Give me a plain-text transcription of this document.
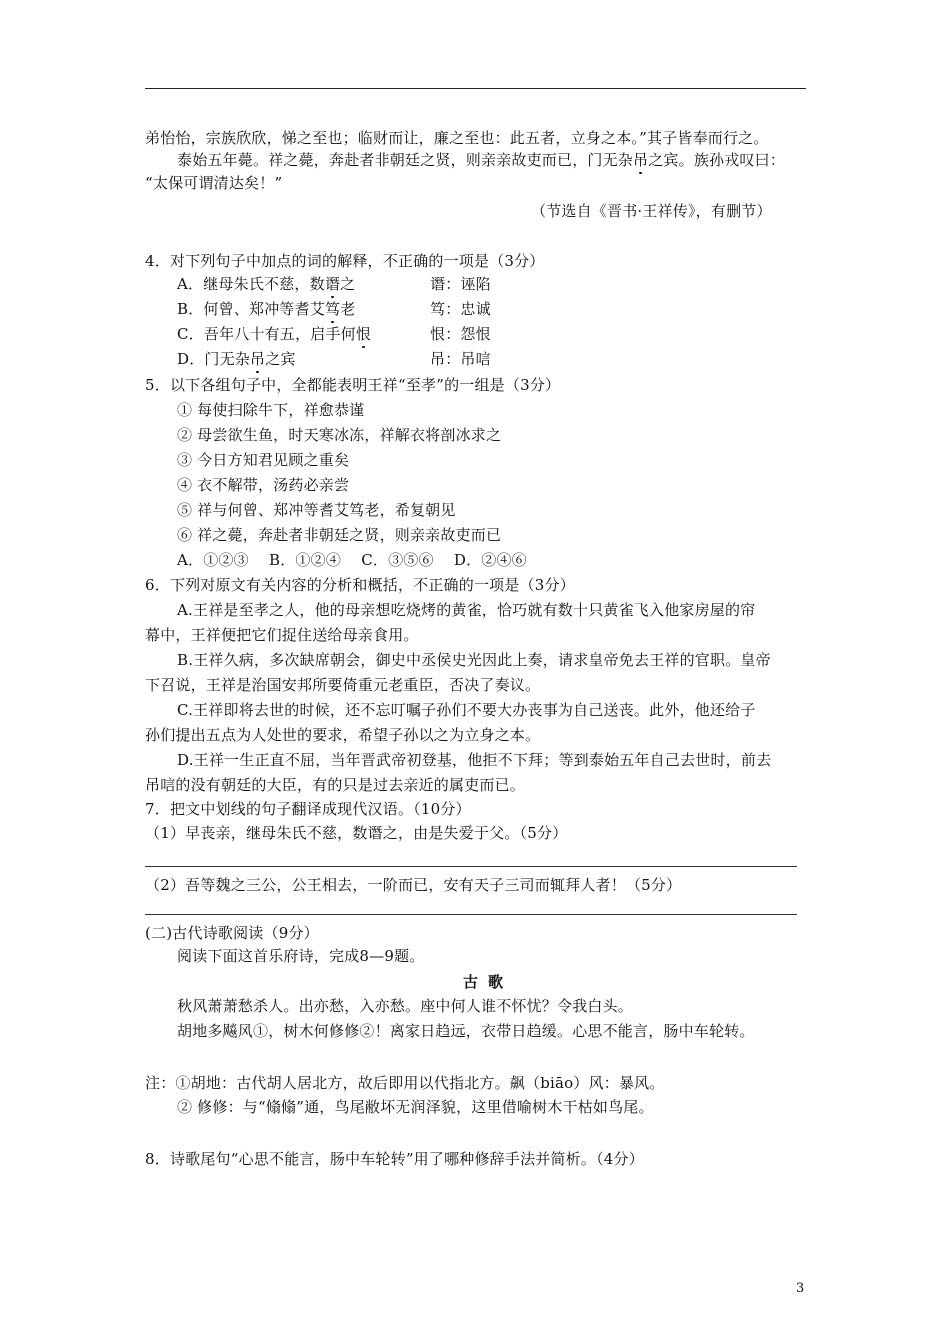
弟怡怡，宗族欣欣，悌之至也；临财而让，廉之至也：此五者，立身之本。”其子皆奉而行之。
泰始五年薨。祥之薨，奔赴者非朝廷之贤，则亲亲故吏而已，门无杂吊之宾。族孙戎叹曰：
“太保可谓清达矣！”
（节选自《晋书·王祥传》，有删节）
4．对下列句子中加点的词的解释，不正确的一项是（3分）
A．继母朱氏不慈，数谮之	谮：诬陷
B．何曾、郑冲等耆艾笃老	笃：忠诚
C．吾年八十有五，启手何恨	恨：怨恨
D．门无杂吊之宾	吊：吊唁
5．以下各组句子中，全都能表明王祥“至孝”的一组是（3分）
① 每使扫除牛下，祥愈恭谨
② 母尝欲生鱼，时天寒冰冻，祥解衣将剖冰求之
③ 今日方知君见顾之重矣
④ 衣不解带，汤药必亲尝
⑤ 祥与何曾、郑冲等耆艾笃老，希复朝见
⑥ 祥之薨，奔赴者非朝廷之贤，则亲亲故吏而已
A．①②③　 B．①②④　 C．③⑤⑥　 D．②④⑥
6．下列对原文有关内容的分析和概括，不正确的一项是（3分）
A.王祥是至孝之人，他的母亲想吃烧烤的黄雀，恰巧就有数十只黄雀飞入他家房屋的帘
幕中，王祥便把它们捉住送给母亲食用。
B.王祥久病，多次缺席朝会，御史中丞侯史光因此上奏，请求皇帝免去王祥的官职。皇帝
下召说，王祥是治国安邦所要倚重元老重臣，否决了奏议。
C.王祥即将去世的时候，还不忘叮嘱子孙们不要大办丧事为自己送丧。此外，他还给子
孙们提出五点为人处世的要求，希望子孙以之为立身之本。
D.王祥一生正直不屈，当年晋武帝初登基，他拒不下拜；等到泰始五年自己去世时，前去
吊唁的没有朝廷的大臣，有的只是过去亲近的属吏而已。
7．把文中划线的句子翻译成现代汉语。（10分）
（1）早丧亲，继母朱氏不慈，数谮之，由是失爱于父。（5分）
（2）吾等魏之三公，公王相去，一阶而已，安有天子三司而辄拜人者！（5分）
(二)古代诗歌阅读（9分）
阅读下面这首乐府诗，完成8—9题。
古歌
秋风萧萧愁杀人。出亦愁，入亦愁。座中何人谁不怀忧？令我白头。
胡地多飚风①，树木何修修②！离家日趋远，衣带日趋缓。心思不能言，肠中车轮转。
注：①胡地：古代胡人居北方，故后即用以代指北方。飙（biāo）风：暴风。
② 修修：与“翛翛”通，鸟尾敝坏无润泽貌，这里借喻树木干枯如鸟尾。
8．诗歌尾句“心思不能言，肠中车轮转”用了哪种修辞手法并简析。（4分）
3
